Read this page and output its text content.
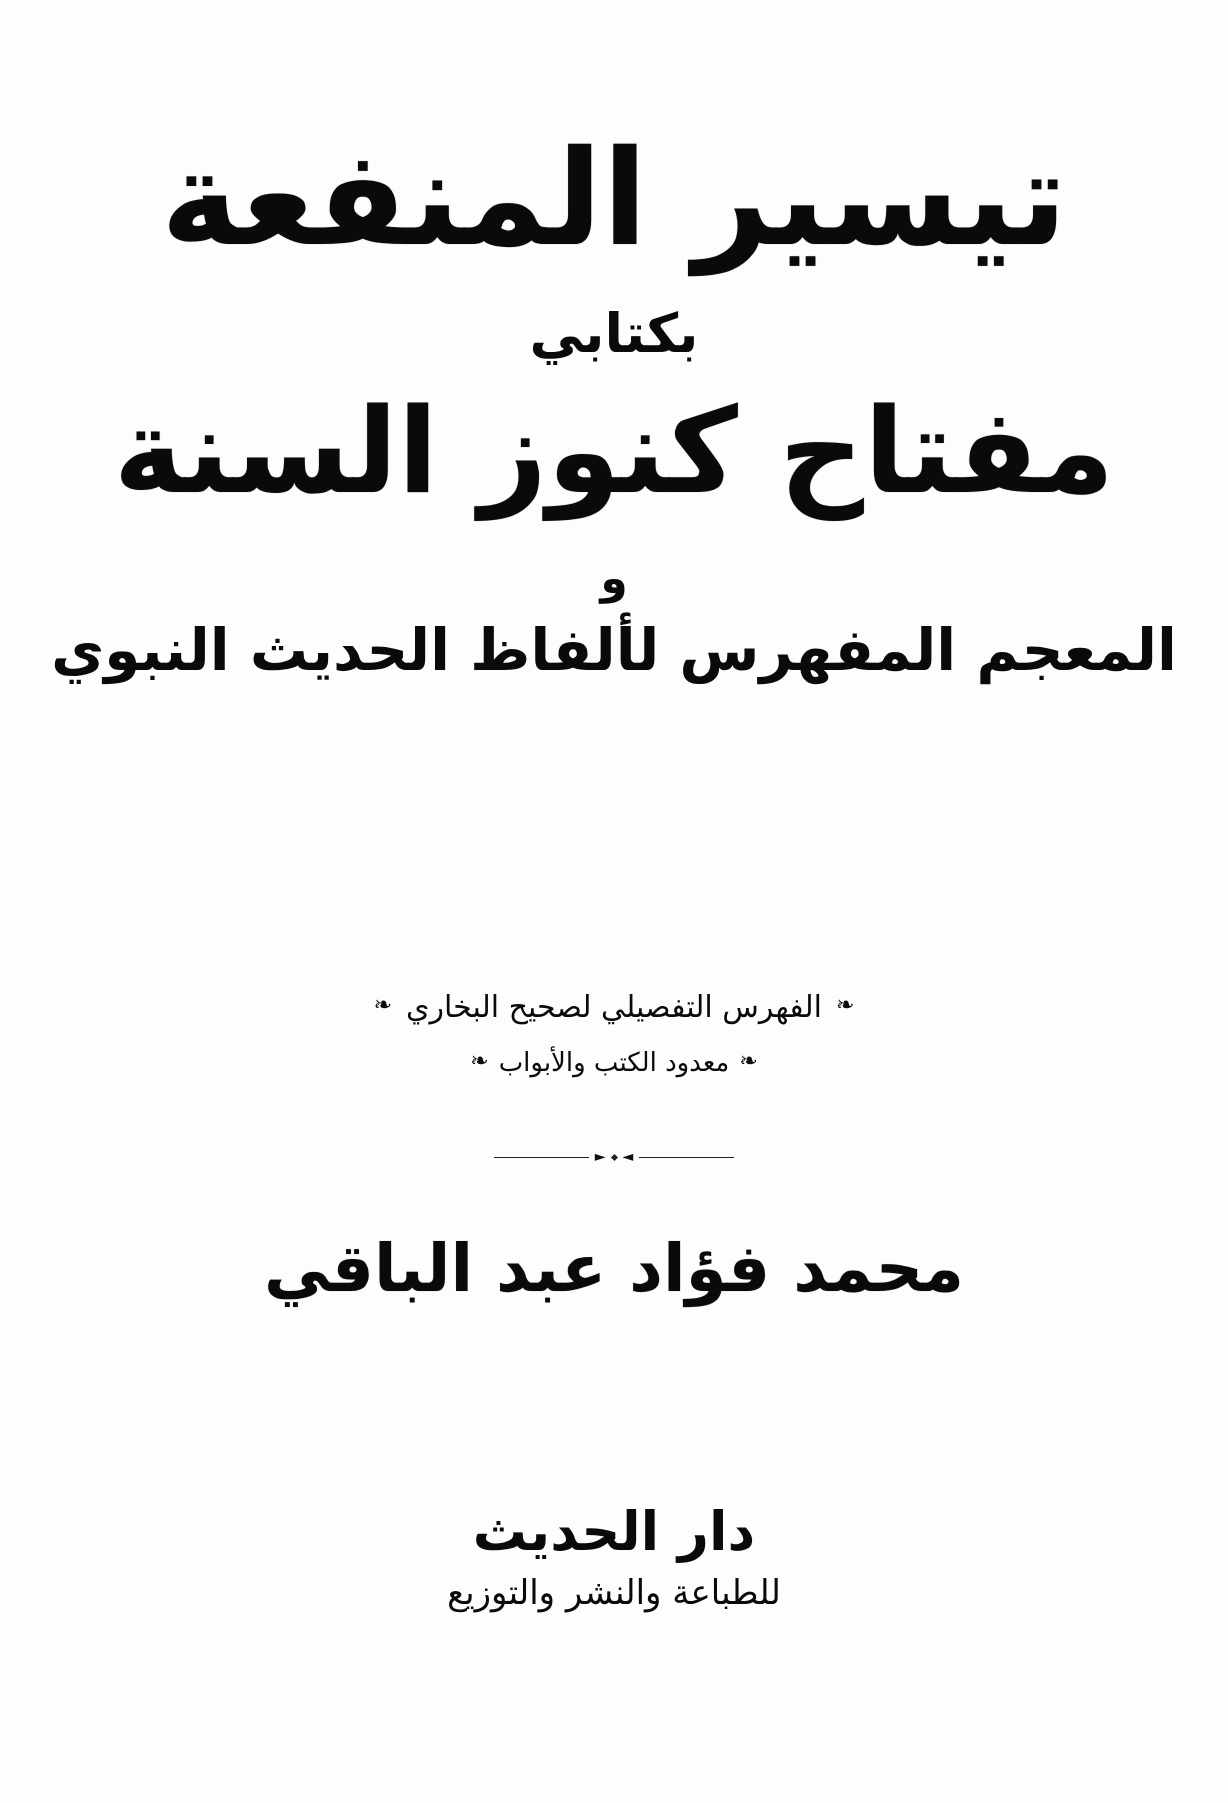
تيسير المنفعة
بكتابي
مفتاح كنوز السنة
و
المعجم المفهرس لألفاظ الحديث النبوي
❧
الفهرس التفصيلي لصحيح البخاري
❧
❧
معدود الكتب والأبواب
❧
◄
►
محمد فؤاد عبد الباقي
دار الحديث
للطباعة والنشر والتوزيع
